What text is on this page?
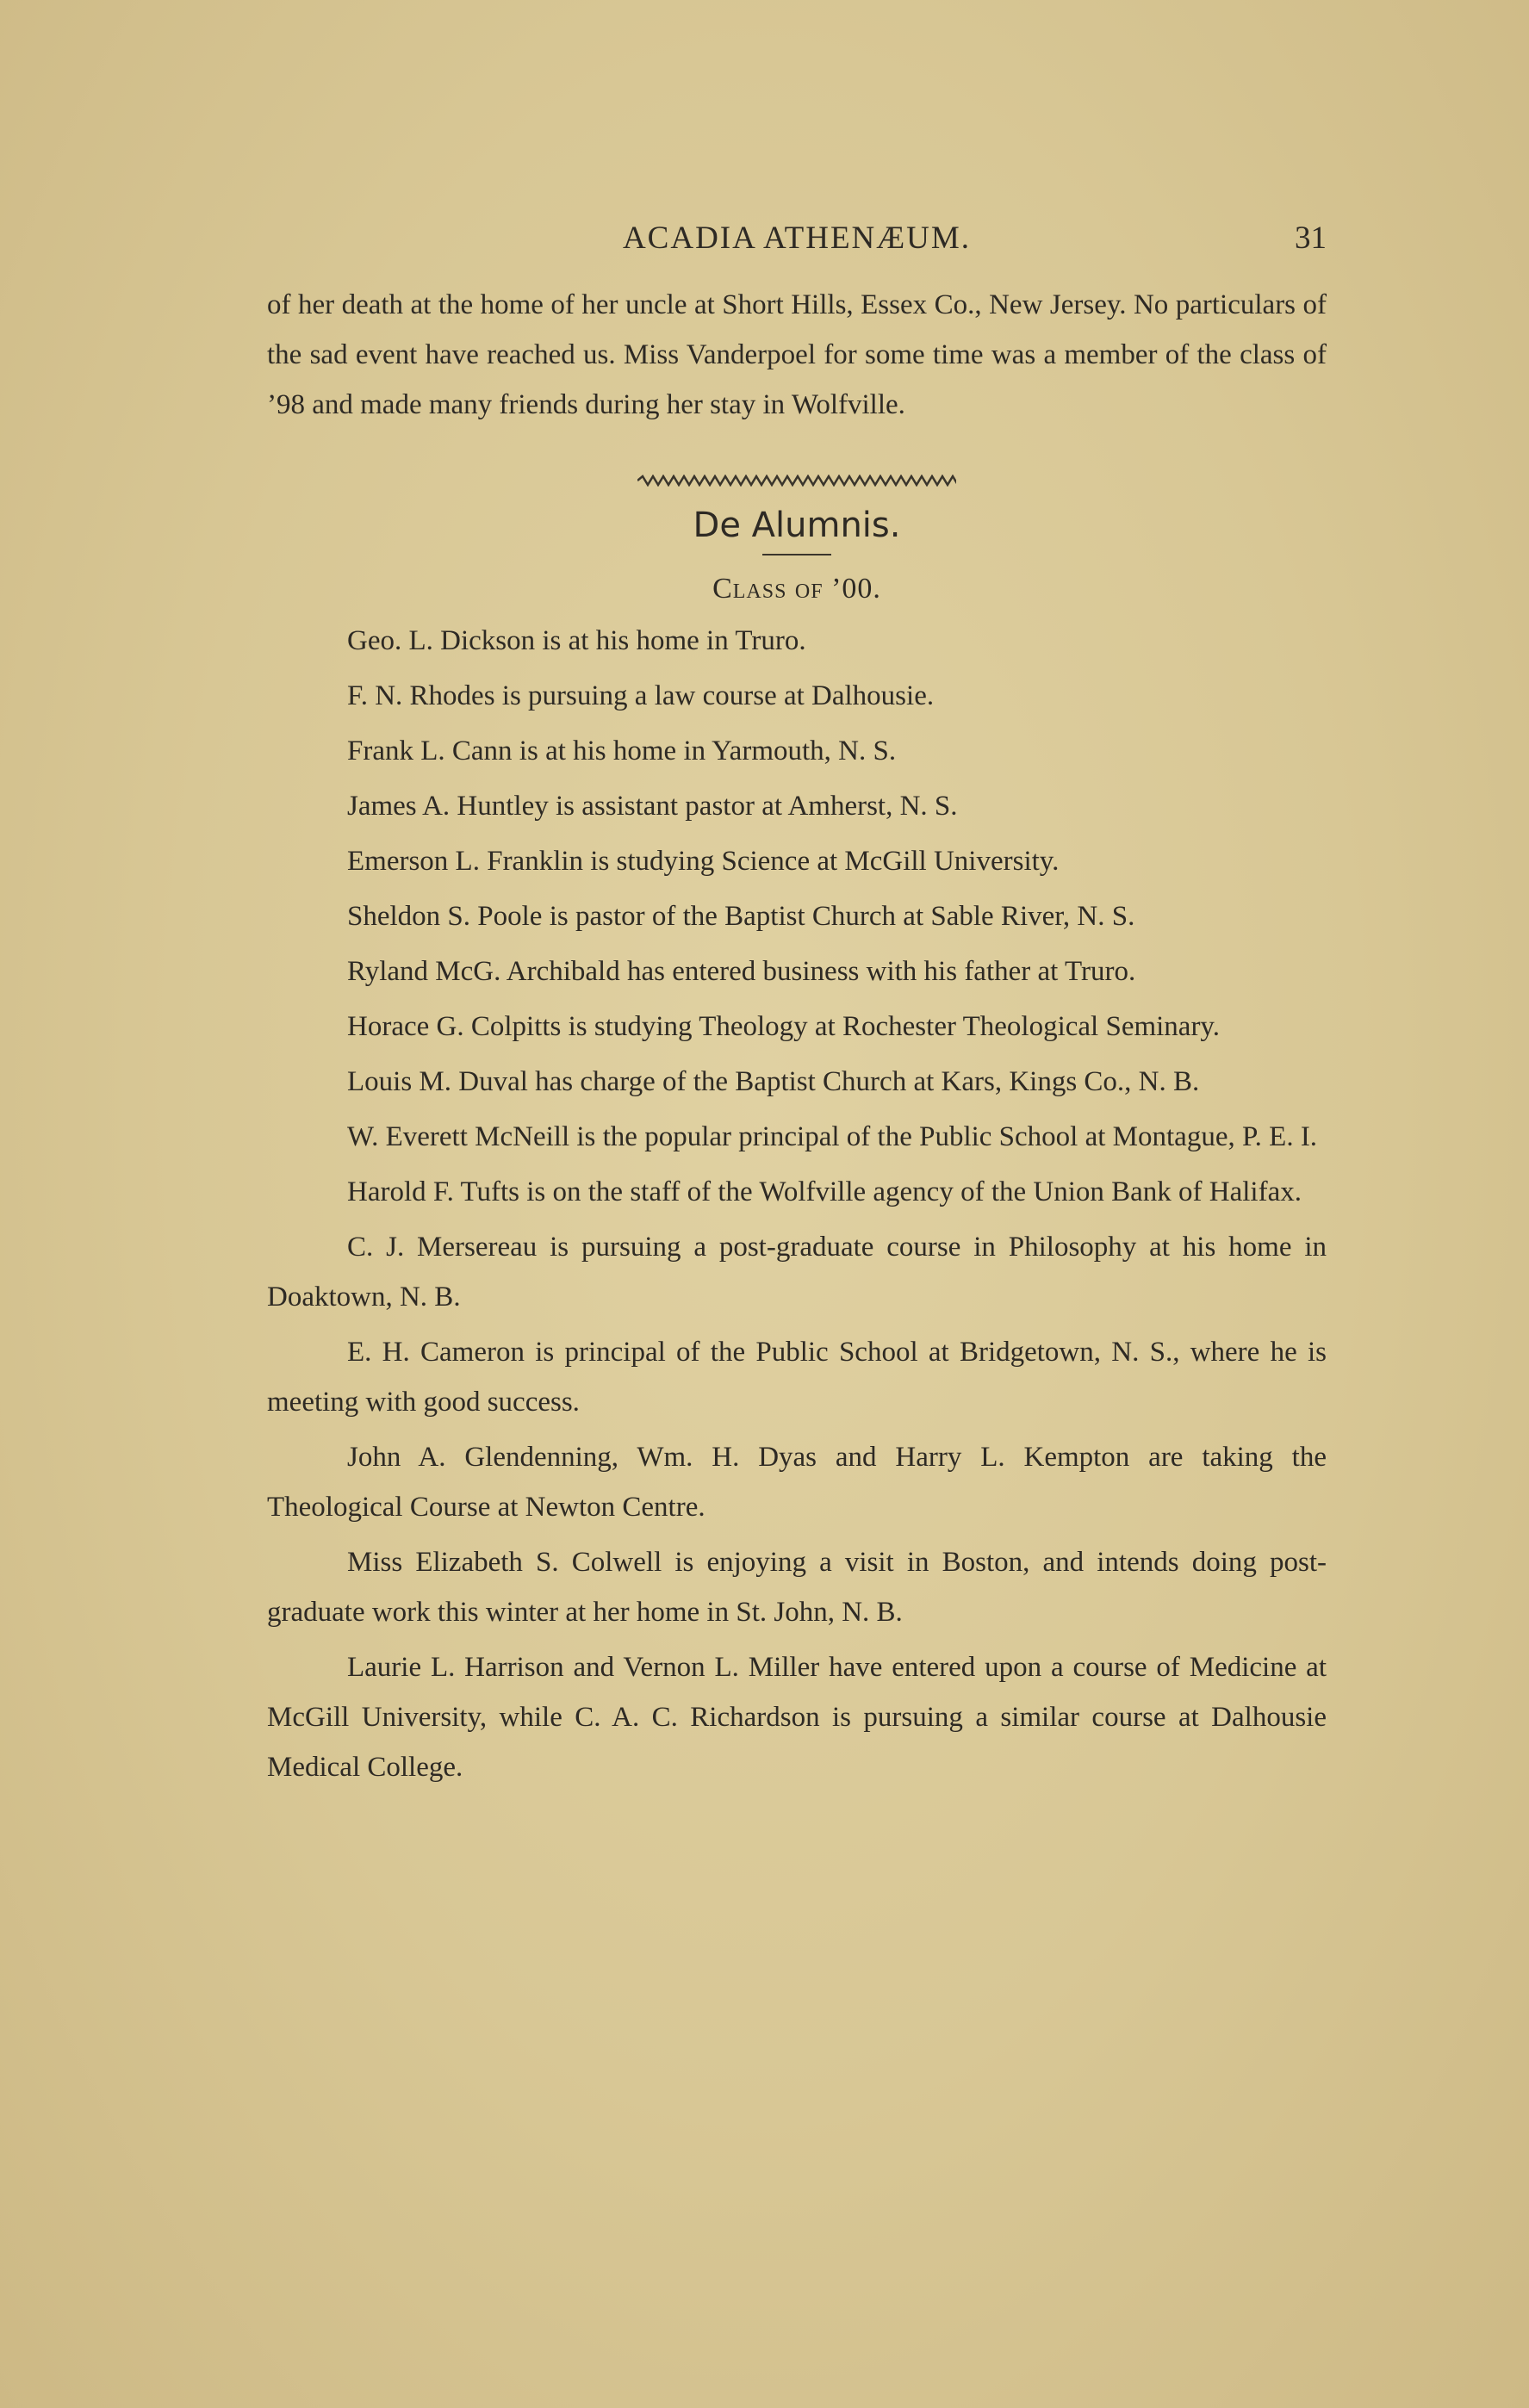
ACADIA ATHENÆUM.	31

of her death at the home of her uncle at Short Hills, Essex Co., New Jersey. No particulars of the sad event have reached us. Miss Vanderpoel for some time was a member of the class of ’98 and made many friends during her stay in Wolfville.

De Alumnis.
Class of ’00.

Geo. L. Dickson is at his home in Truro.

F. N. Rhodes is pursuing a law course at Dalhousie.

Frank L. Cann is at his home in Yarmouth, N. S.

James A. Huntley is assistant pastor at Amherst, N. S.

Emerson L. Franklin is studying Science at McGill University.

Sheldon S. Poole is pastor of the Baptist Church at Sable River, N. S.

Ryland McG. Archibald has entered business with his father at Truro.

Horace G. Colpitts is studying Theology at Rochester Theological Seminary.

Louis M. Duval has charge of the Baptist Church at Kars, Kings Co., N. B.

W. Everett McNeill is the popular principal of the Public School at Montague, P. E. I.

Harold F. Tufts is on the staff of the Wolfville agency of the Union Bank of Halifax.

C. J. Mersereau is pursuing a post-graduate course in Philosophy at his home in Doaktown, N. B.

E. H. Cameron is principal of the Public School at Bridgetown, N. S., where he is meeting with good success.

John A. Glendenning, Wm. H. Dyas and Harry L. Kempton are taking the Theological Course at Newton Centre.

Miss Elizabeth S. Colwell is enjoying a visit in Boston, and intends doing post-graduate work this winter at her home in St. John, N. B.

Laurie L. Harrison and Vernon L. Miller have entered upon a course of Medicine at McGill University, while C. A. C. Richardson is pursuing a similar course at Dalhousie Medical College.
